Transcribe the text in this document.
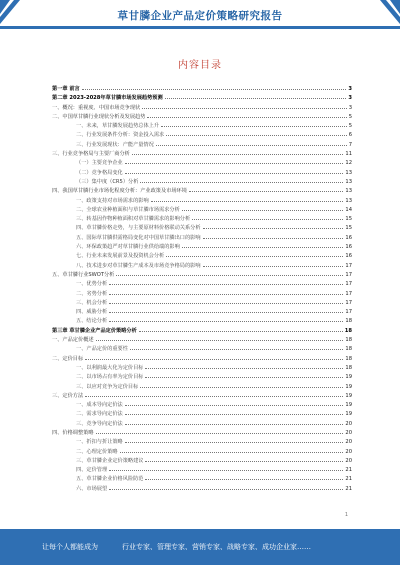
草甘膦企业产品定价策略研究报告
内容目录
第一章 前言	3
第二章 2023-2028年草甘膦市场发展趋势预测	3
一、概况：重视度、中国市场竞争现状	3
二、中国草甘膦行业现状分析及发展趋势	5
一、未来，草甘膦发展趋势总体上升	5
二、行业发展条件分析：资金投入需求	6
三、行业发展现状：产能产量情况	7
三、行业竞争格局与主要厂商分析	11
（一）主要竞争企业	12
（二）竞争格局变化	13
（三）集中度（CR5）分析	13
四、我国草甘膦行业市场化程度分析：产业政策及市场环境	13
一、政策支持对市场需求的影响	13
二、全球农业种植面积与草甘膦市场需求分析	14
三、转基因作物种植面积对草甘膦需求的影响分析	15
四、草甘膦价格走势，与主要原材料价格联动关系分析	15
五、国际草甘膦供需格局变化对中国草甘膦出口的影响	16
六、环保政策趋严对草甘膦行业供给端的影响	16
七、行业未来发展前景及投资机会分析	16
八、技术进步对草甘膦生产成本及市场竞争格局的影响	17
五、草甘膦行业SWOT分析	17
一、优势分析	17
二、劣势分析	17
三、机会分析	17
四、威胁分析	17
五、结论分析	18
第三章 草甘膦企业产品定价策略分析	18
一、产品定价概述	18
一、产品定价的重要性	18
二、定价目标	18
一、以利润最大化为定价目标	18
二、以市场占有率为定价目标	19
三、以应对竞争为定价目标	19
三、定价方法	19
一、成本导向定价法	19
二、需求导向定价法	19
三、竞争导向定价法	20
四、价格调整策略	20
一、折扣与折让策略	20
二、心理定价策略	20
三、草甘膦企业定价策略建议	20
四、定价管理	21
五、草甘膦企业价格风险防范	21
六、市场展望	21
1
让每个人都能成为	行业专家、管理专家、营销专家、战略专家、成功企业家……
